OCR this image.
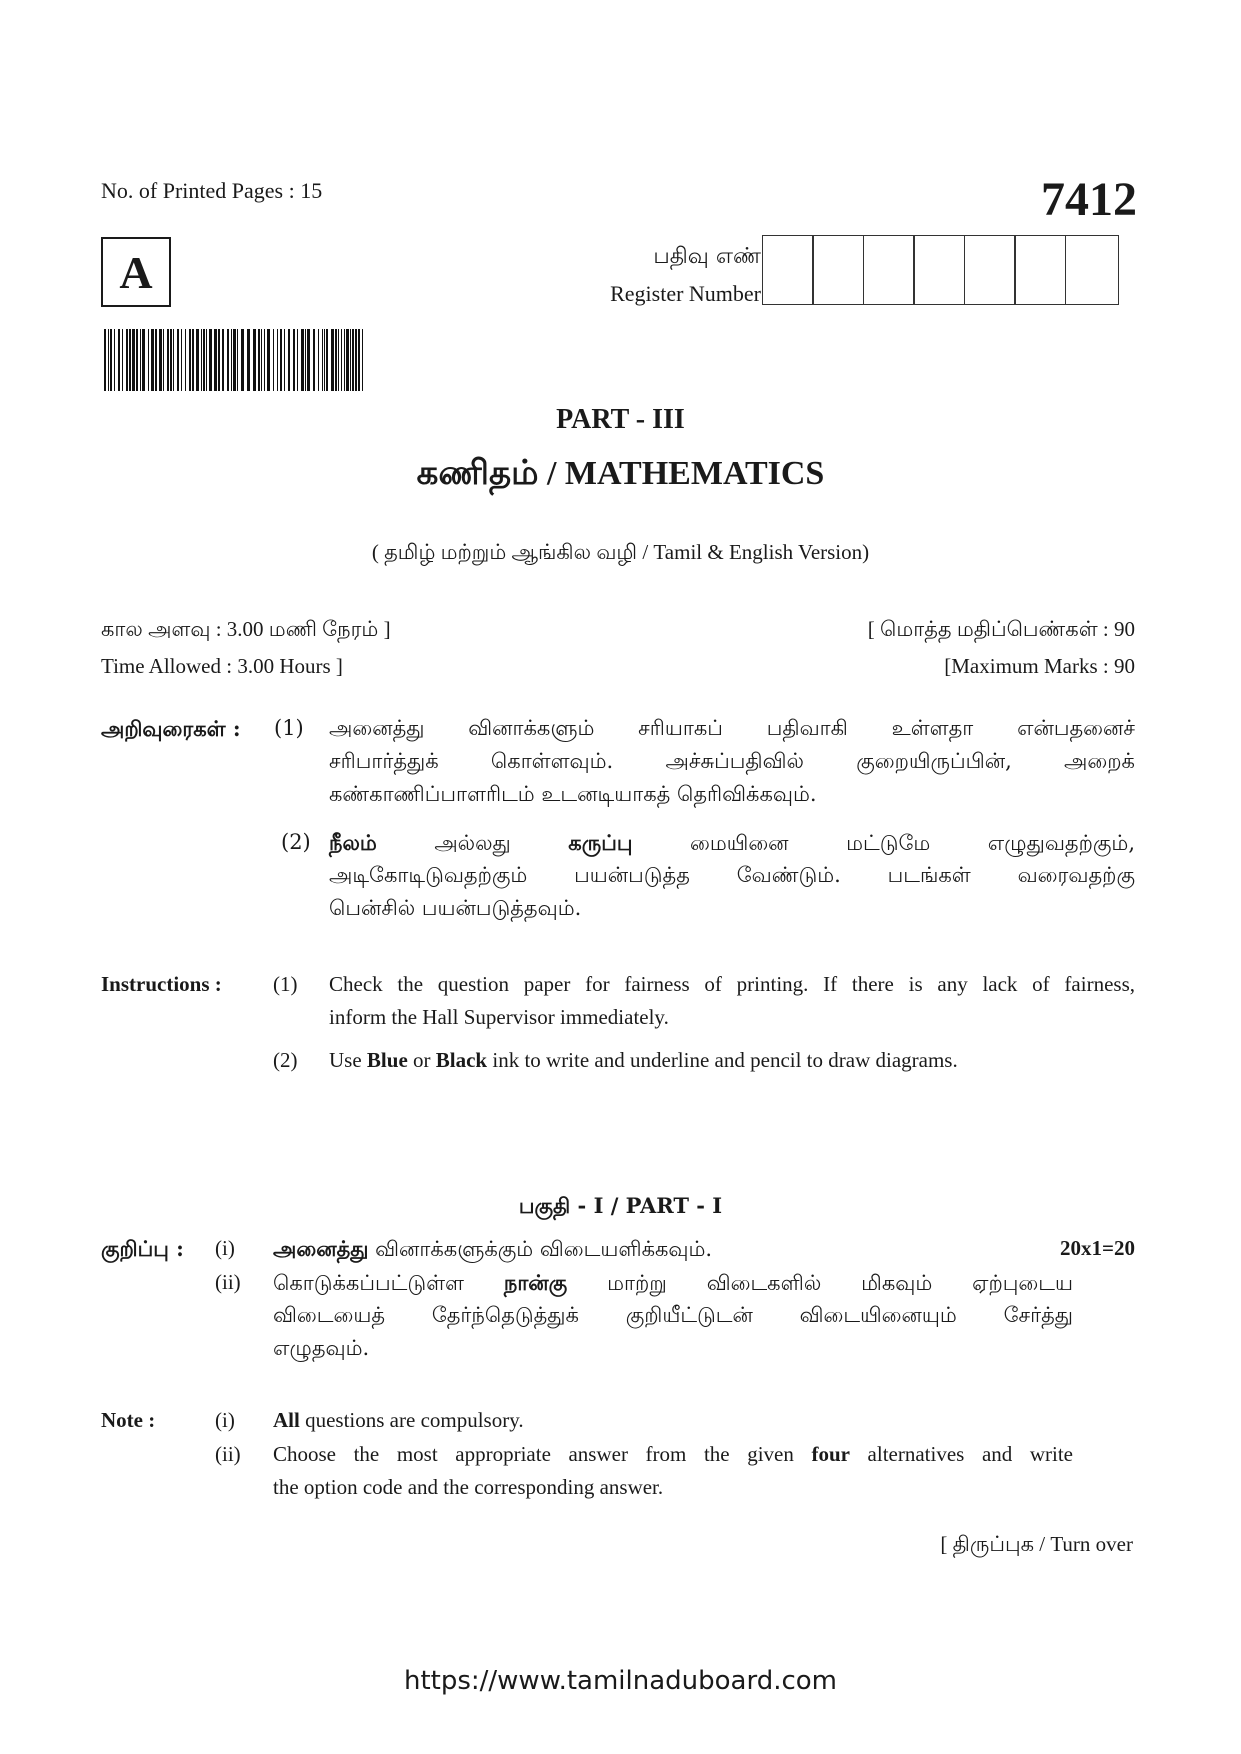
No. of Printed Pages : 15	7412
A	பதிவு எண்
Register Number
PART - III
கணிதம் / MATHEMATICS
( தமிழ் மற்றும் ஆங்கில வழி / Tamil & English Version)
கால அளவு : 3.00 மணி நேரம் ]	[ மொத்த மதிப்பெண்கள் : 90
Time Allowed : 3.00 Hours ]	[Maximum Marks : 90
அறிவுரைகள் : (1) அனைத்து வினாக்களும் சரியாகப் பதிவாகி உள்ளதா என்பதனைச்
சரிபார்த்துக் கொள்ளவும். அச்சுப்பதிவில் குறையிருப்பின், அறைக்
கண்காணிப்பாளரிடம் உடனடியாகத் தெரிவிக்கவும்.
(2) நீலம் அல்லது கருப்பு மையினை மட்டுமே எழுதுவதற்கும்,
அடிகோடிடுவதற்கும் பயன்படுத்த வேண்டும். படங்கள் வரைவதற்கு
பென்சில் பயன்படுத்தவும்.
Instructions : (1) Check the question paper for fairness of printing. If there is any lack of fairness,
inform the Hall Supervisor immediately.
(2) Use Blue or Black ink to write and underline and pencil to draw diagrams.
பகுதி - I / PART - I
குறிப்பு :	20x1=20
(i) அனைத்து வினாக்களுக்கும் விடையளிக்கவும்.
(ii) கொடுக்கப்பட்டுள்ள நான்கு மாற்று விடைகளில் மிகவும் ஏற்புடைய
விடையைத் தேர்ந்தெடுத்துக் குறியீட்டுடன் விடையினையும் சேர்த்து
எழுதவும்.
Note :	(i) All questions are compulsory.
(ii) Choose the most appropriate answer from the given four alternatives and write
the option code and the corresponding answer.
[ திருப்புக / Turn over
https://www.tamilnaduboard.com
